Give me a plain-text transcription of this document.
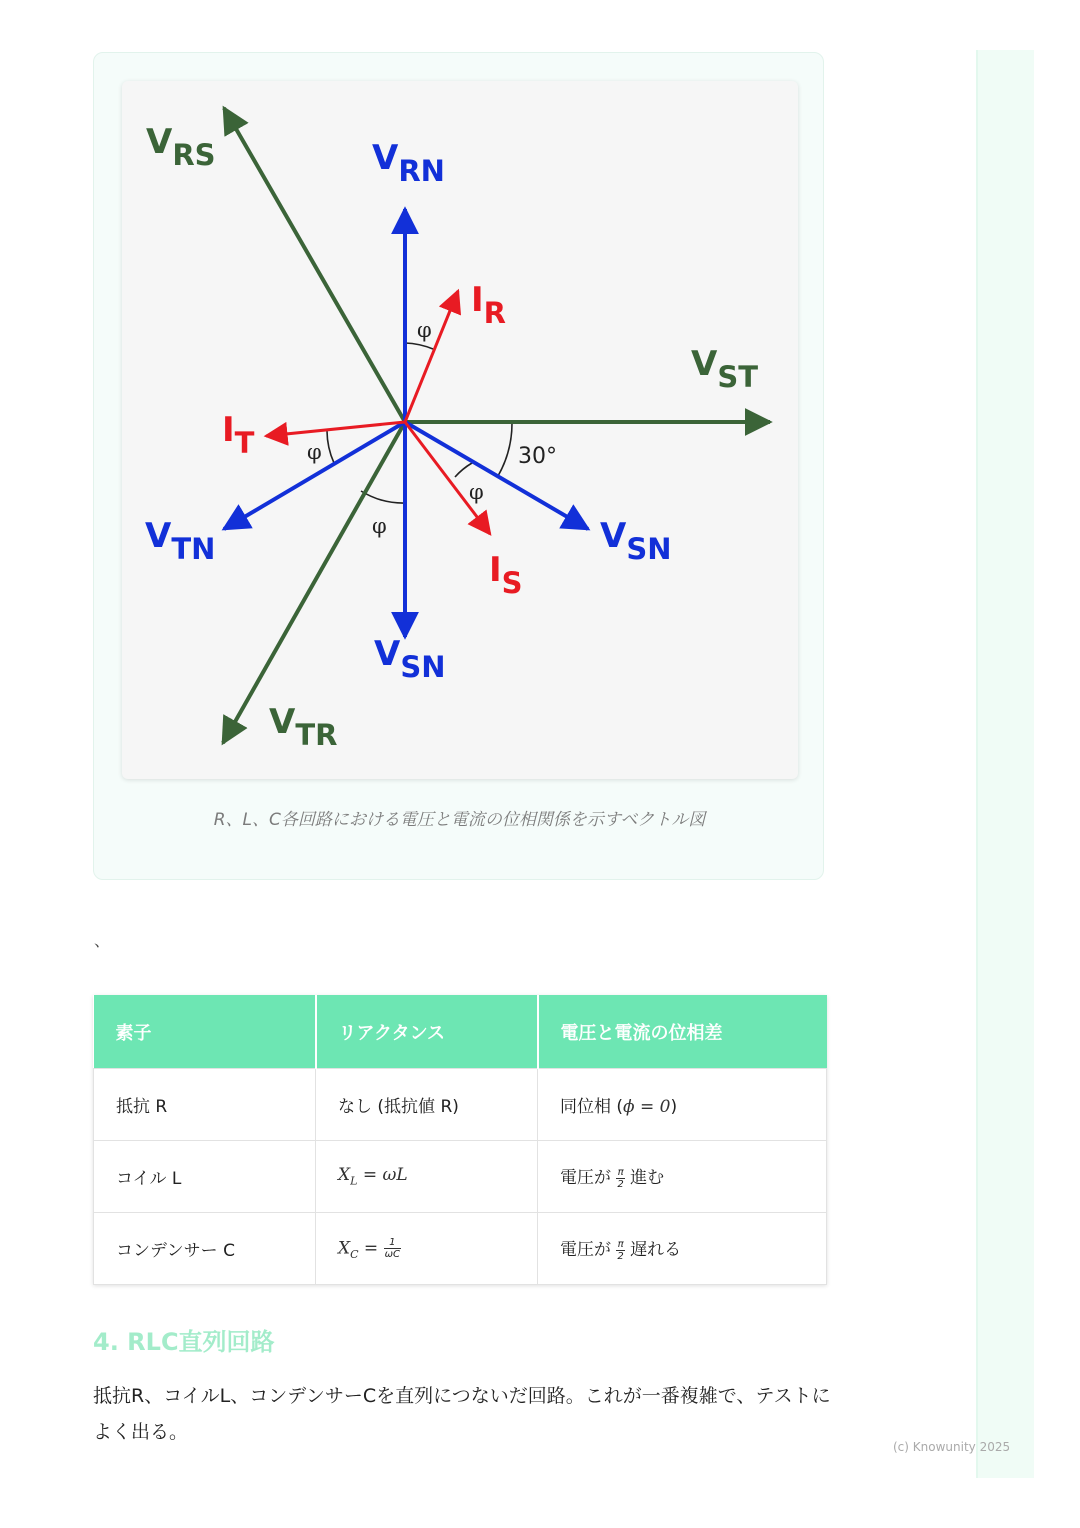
φ
φ
φ
φ
30°
VRS	VRN
IR
VST
IT
VTN	VSN
IS
VSN
VTR
R、L、C各回路における電圧と電流の位相関係を示すベクトル図
、
素子	リアクタンス	電圧と電流の位相差
抵抗 R	なし (抵抗値 R)	同位相 (ϕ = 0)
コイル L	$X_L = \omega L$	電圧が $\frac{\pi}{2}$ 進む
コンデンサー C	$X_C = \frac{1}{\omega C}$	電圧が $\frac{\pi}{2}$ 遅れる
4. RLC直列回路

抵抗R、コイルL、コンデンサーCを直列につないだ回路。これが一番複雑で、テストによく出る。

(c) Knowunity 2025
